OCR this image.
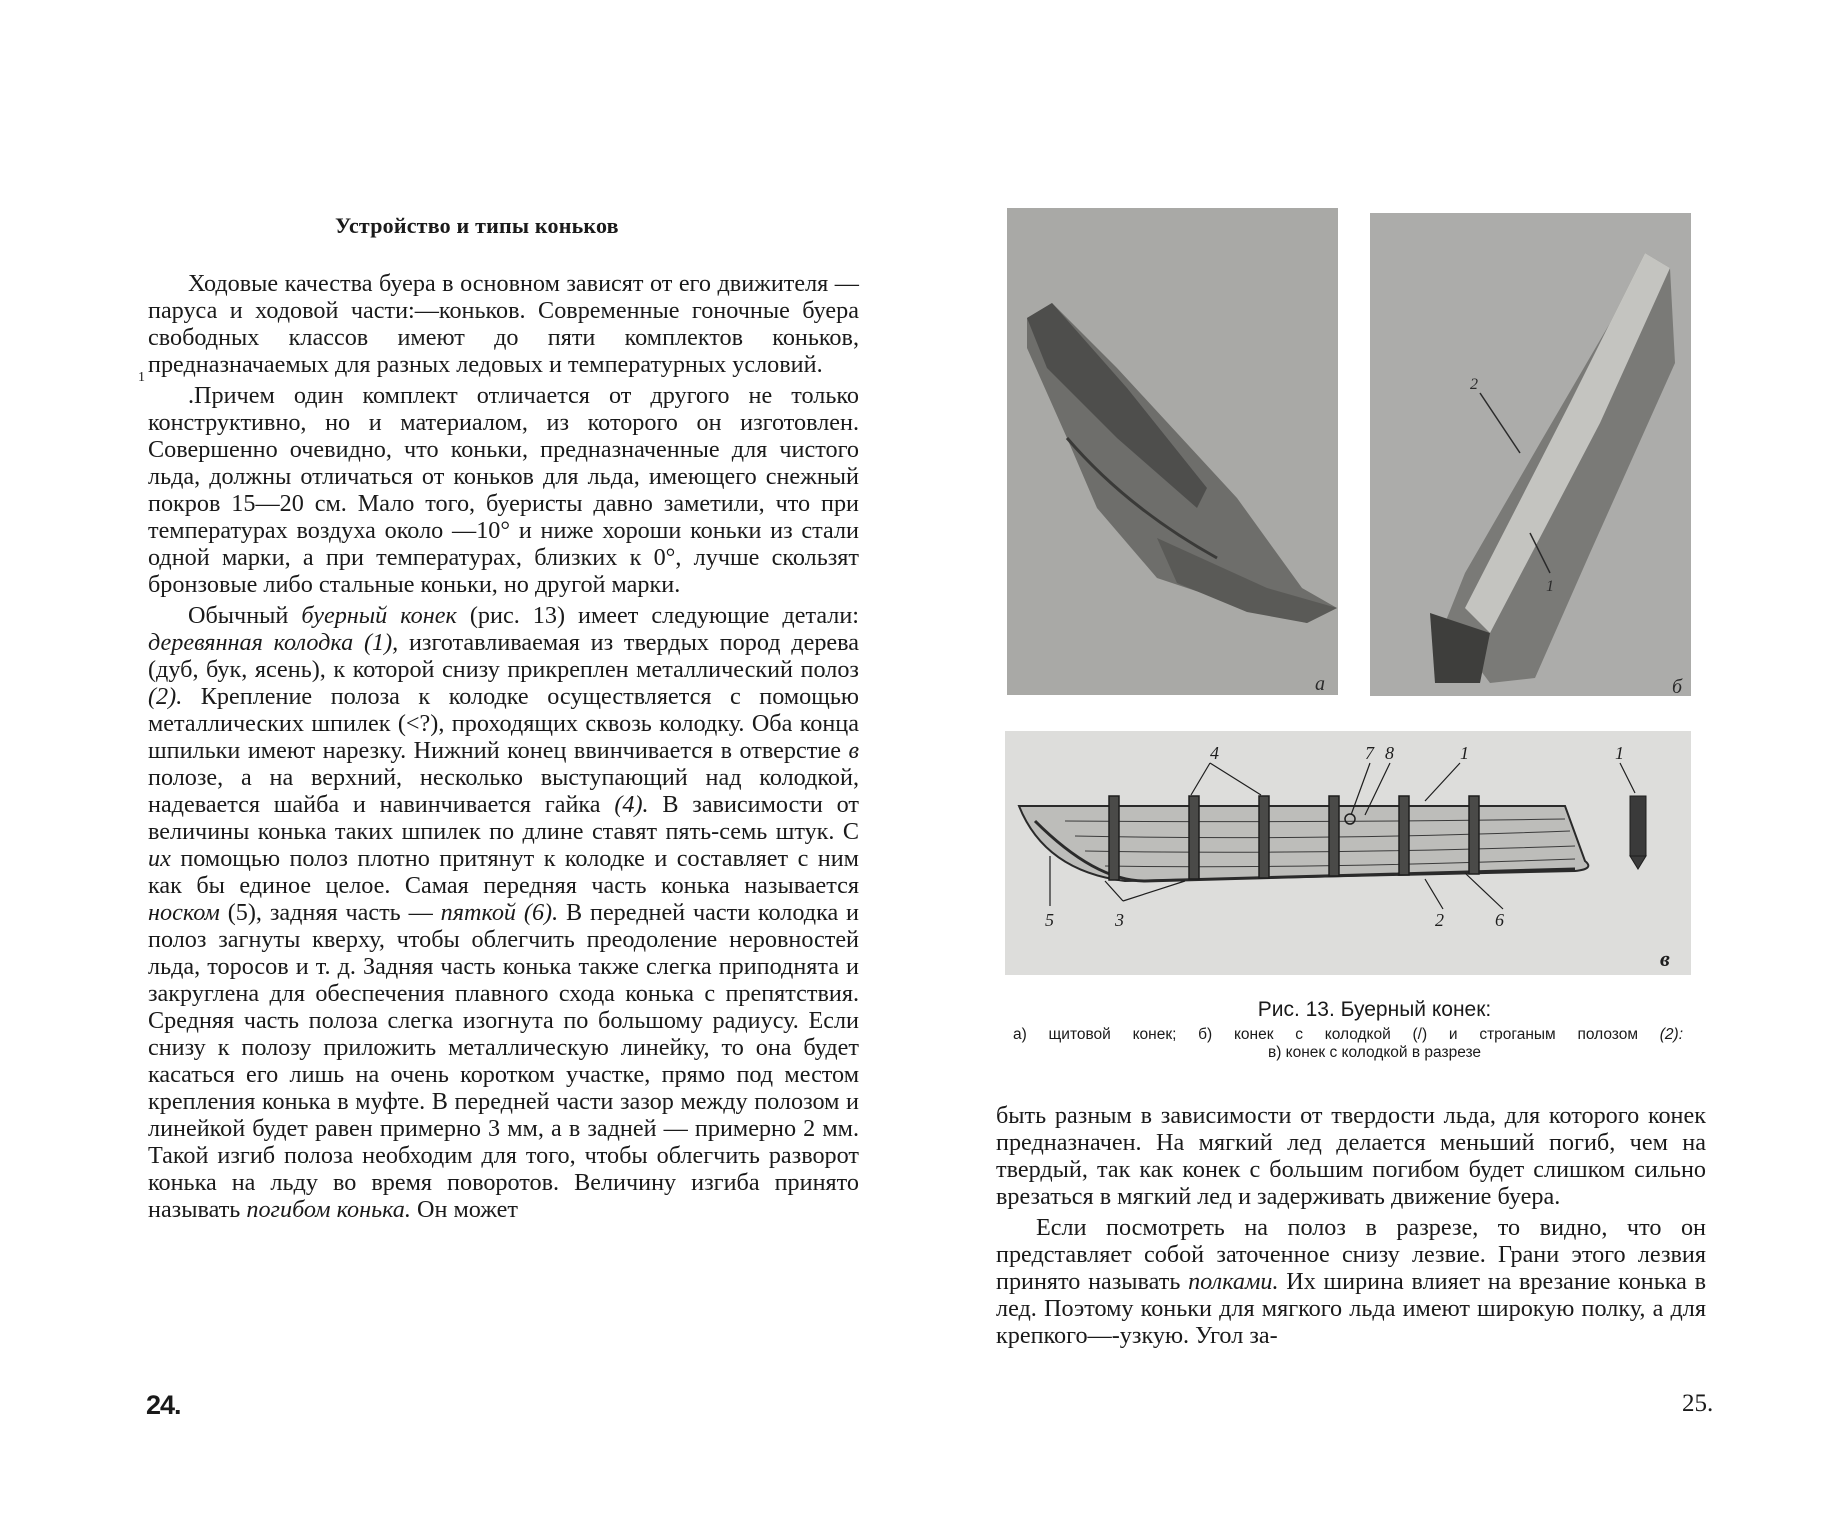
Устройство и типы коньков
1

Ходовые качества буера в основном зависят от его движителя — паруса и ходовой части:—коньков. Современные гоночные буера свободных классов имеют до пяти комплектов коньков, предназначаемых для разных ледовых и температурных условий.

.Причем один комплект отличается от другого не только конструктивно, но и материалом, из которого он изготовлен. Совершенно очевидно, что коньки, предназначенные для чистого льда, должны отличаться от коньков для льда, имеющего снежный покров 15—20 см. Мало того, буеристы давно заметили, что при температурах воздуха около —10° и ниже хороши коньки из стали одной марки, а при температурах, близких к 0°, лучше скользят бронзовые либо стальные коньки, но другой марки.

Обычный буерный конек (рис. 13) имеет следующие детали: деревянная колодка (1), изготавливаемая из твердых пород дерева (дуб, бук, ясень), к которой снизу прикреплен металлический полоз (2). Крепление полоза к колодке осуществляется с помощью металлических шпилек (<?), проходящих сквозь колодку. Оба конца шпильки имеют нарезку. Нижний конец ввинчивается в отверстие в полозе, а на верхний, несколько выступающий над колодкой, надевается шайба и навинчивается гайка (4). В зависимости от величины конька таких шпилек по длине ставят пять-семь штук. С их помощью полоз плотно притянут к колодке и составляет с ним как бы единое целое. Самая передняя часть конька называется носком (5), задняя часть — пяткой (6). В передней части колодка и полоз загнуты кверху, чтобы облегчить преодоление неровностей льда, торосов и т. д. Задняя часть конька также слегка приподнята и закруглена для обеспечения плавного схода конька с препятствия. Средняя часть полоза слегка изогнута по большому радиусу. Если снизу к полозу приложить металлическую линейку, то она будет касаться его лишь на очень коротком участке, прямо под местом крепления конька в муфте. В передней части зазор между полозом и линейкой будет равен примерно 3 мм, а в задней — примерно 2 мм. Такой изгиб полоза необходим для того, чтобы облегчить разворот конька на льду во время поворотов. Величину изгиба принято называть погибом конька. Он может

24.
а
2
1
б
4	7 8	1	1
2
5	3	6
в
Рис. 13. Буерный конек:
а) щитовой конек; б) конек с колодкой (/) и строганым полозом (2):
в) конек с колодкой в разрезе

быть разным в зависимости от твердости льда, для которого конек предназначен. На мягкий лед делается меньший погиб, чем на твердый, так как конек с большим погибом будет слишком сильно врезаться в мягкий лед и задерживать движение буера.

Если посмотреть на полоз в разрезе, то видно, что он представляет собой заточенное снизу лезвие. Грани этого лезвия принято называть полками. Их ширина влияет на врезание конька в лед. Поэтому коньки для мягкого льда имеют широкую полку, а для крепкого—-узкую. Угол за-

25.
